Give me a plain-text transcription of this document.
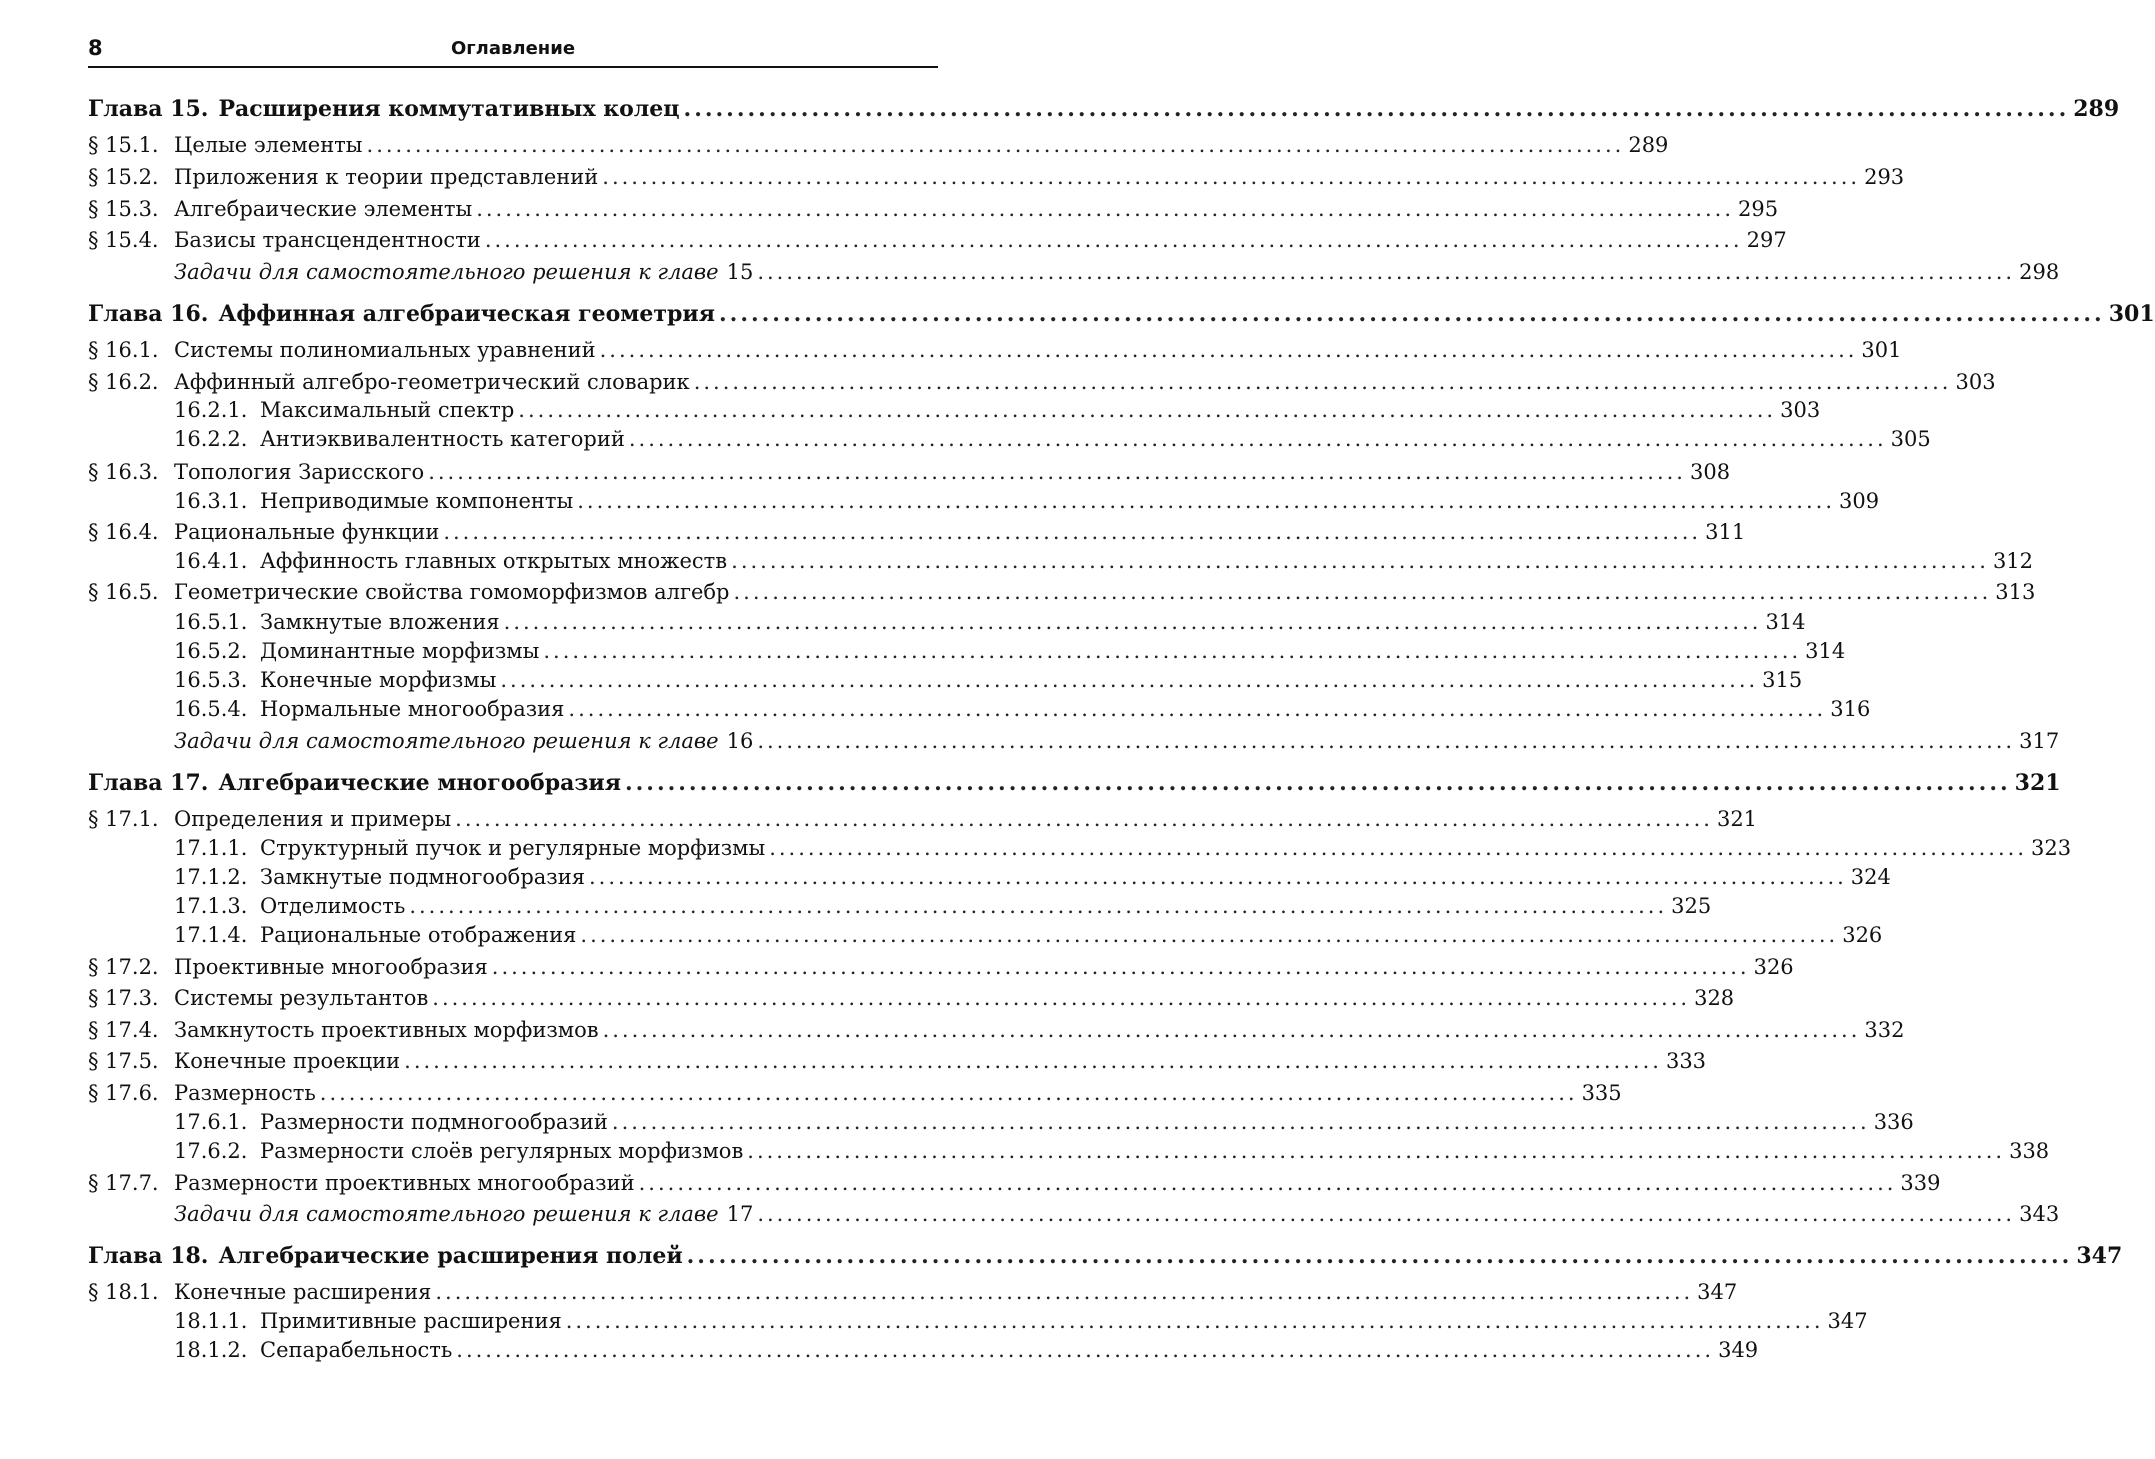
8	Оглавление
Глава 15. Расширения коммутативных колец .................................................................................................................................. 289
§ 15.1. Целые элементы .................................................................................................................................. 289
§ 15.2. Приложения к теории представлений .................................................................................................................................. 293
§ 15.3. Алгебраические элементы .................................................................................................................................. 295
§ 15.4. Базисы трансцендентности .................................................................................................................................. 297
Задачи для самостоятельного решения к главе 15 .................................................................................................................................. 298
Глава 16. Аффинная алгебраическая геометрия .................................................................................................................................. 301
§ 16.1. Системы полиномиальных уравнений .................................................................................................................................. 301
§ 16.2. Аффинный алгебро-геометрический словарик .................................................................................................................................. 303
16.2.1. Максимальный спектр .................................................................................................................................. 303
16.2.2. Антиэквивалентность категорий .................................................................................................................................. 305
§ 16.3. Топология Зарисского .................................................................................................................................. 308
16.3.1. Неприводимые компоненты .................................................................................................................................. 309
§ 16.4. Рациональные функции .................................................................................................................................. 311
16.4.1. Аффинность главных открытых множеств .................................................................................................................................. 312
§ 16.5. Геометрические свойства гомоморфизмов алгебр .................................................................................................................................. 313
16.5.1. Замкнутые вложения .................................................................................................................................. 314
16.5.2. Доминантные морфизмы .................................................................................................................................. 314
16.5.3. Конечные морфизмы .................................................................................................................................. 315
16.5.4. Нормальные многообразия .................................................................................................................................. 316
Задачи для самостоятельного решения к главе 16 .................................................................................................................................. 317
Глава 17. Алгебраические многообразия .................................................................................................................................. 321
§ 17.1. Определения и примеры .................................................................................................................................. 321
17.1.1. Структурный пучок и регулярные морфизмы .................................................................................................................................. 323
17.1.2. Замкнутые подмногообразия .................................................................................................................................. 324
17.1.3. Отделимость .................................................................................................................................. 325
17.1.4. Рациональные отображения .................................................................................................................................. 326
§ 17.2. Проективные многообразия .................................................................................................................................. 326
§ 17.3. Системы результантов .................................................................................................................................. 328
§ 17.4. Замкнутость проективных морфизмов .................................................................................................................................. 332
§ 17.5. Конечные проекции .................................................................................................................................. 333
§ 17.6. Размерность .................................................................................................................................. 335
17.6.1. Размерности подмногообразий .................................................................................................................................. 336
17.6.2. Размерности слоёв регулярных морфизмов .................................................................................................................................. 338
§ 17.7. Размерности проективных многообразий .................................................................................................................................. 339
Задачи для самостоятельного решения к главе 17 .................................................................................................................................. 343
Глава 18. Алгебраические расширения полей .................................................................................................................................. 347
§ 18.1. Конечные расширения .................................................................................................................................. 347
18.1.1. Примитивные расширения .................................................................................................................................. 347
18.1.2. Сепарабельность .................................................................................................................................. 349
